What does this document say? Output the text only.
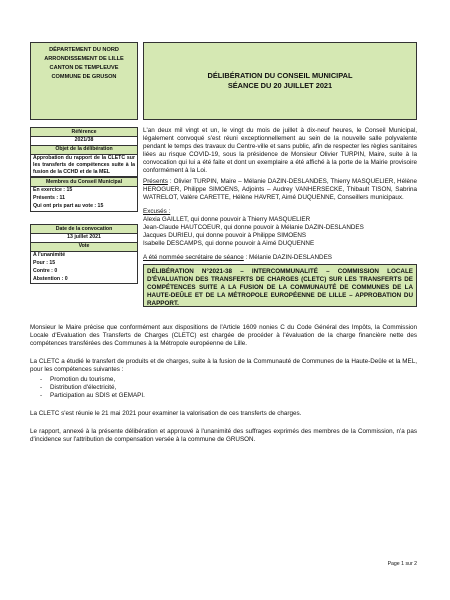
DÉPARTEMENT DU NORD
ARRONDISSEMENT DE LILLE
CANTON DE TEMPLEUVE
COMMUNE DE GRUSON	DÉLIBÉRATION DU CONSEIL MUNICIPAL
SÉANCE DU 20 JUILLET 2021
Référence
2021/38
Objet de la délibération
Approbation du rapport de la CLETC sur les transferts de compétences suite à la fusion de la CCHD et de la MEL
Membres du Conseil Municipal
En exercice : 15
Présents : 11
Qui ont pris part au vote : 15
Date de la convocation
13 juillet 2021
Vote
A l'unanimité
Pour : 15
Contre : 0
Abstention : 0

L'an deux mil vingt et un, le vingt du mois de juillet à dix-neuf heures, le Conseil Municipal, légalement convoqué s'est réuni exceptionnellement au sein de la nouvelle salle polyvalente pendant le temps des travaux du Centre-ville et sans public, afin de respecter les règles sanitaires liées au risque COVID-19, sous la présidence de Monsieur Olivier TURPIN, Maire, suite à la convocation qui lui a été faite et dont un exemplaire a été affiché à la porte de la Mairie provisoire conformément à la Loi.

Présents : Olivier TURPIN, Maire – Mélanie DAZIN-DESLANDES, Thierry MASQUELIER, Hélène HEROGUER, Philippe SIMOENS, Adjoints – Audrey VANHERSECKE, Thibault TISON, Sabrina WATRELOT, Valère CARETTE, Hélène HAVRET, Aimé DUQUENNE, Conseillers municipaux.

Excusés :

Alexia GAILLET, qui donne pouvoir à Thierry MASQUELIER

Jean-Claude HAUTCOEUR, qui donne pouvoir à Mélanie DAZIN-DESLANDES

Jacques DURIEU, qui donne pouvoir à Philippe SIMOENS

Isabelle DESCAMPS, qui donne pouvoir à Aimé DUQUENNE

A été nommée secrétaire de séance : Mélanie DAZIN-DESLANDES

DÉLIBÉRATION N°2021-38 – INTERCOMMUNALITÉ – COMMISSION LOCALE D'ÉVALUATION DES TRANSFERTS DE CHARGES (CLETC) SUR LES TRANSFERTS DE COMPÉTENCES SUITE A LA FUSION DE LA COMMUNAUTÉ DE COMMUNES DE LA HAUTE-DEÛLE ET DE LA MÉTROPOLE EUROPÉENNE DE LILLE – APPROBATION DU RAPPORT.
Monsieur le Maire précise que conformément aux dispositions de l'Article 1609 nonies C du Code Général des Impôts, la Commission Locale d'Evaluation des Transferts de Charges (CLETC) est chargée de procéder à l'évaluation de la charge financière nette des compétences transférées des Communes à la Métropole européenne de Lille.
La CLETC a étudié le transfert de produits et de charges, suite à la fusion de la Communauté de Communes de la Haute-Deûle et la MEL, pour les compétences suivantes :
-	Promotion du tourisme,
-	Distribution d'électricité,
-	Participation au SDIS et GEMAPI.
La CLETC s'est réunie le 21 mai 2021 pour examiner la valorisation de ces transferts de charges.
Le rapport, annexé à la présente délibération et approuvé à l'unanimité des suffrages exprimés des membres de la Commission, n'a pas d'incidence sur l'attribution de compensation versée à la commune de GRUSON.
Page 1 sur 2
